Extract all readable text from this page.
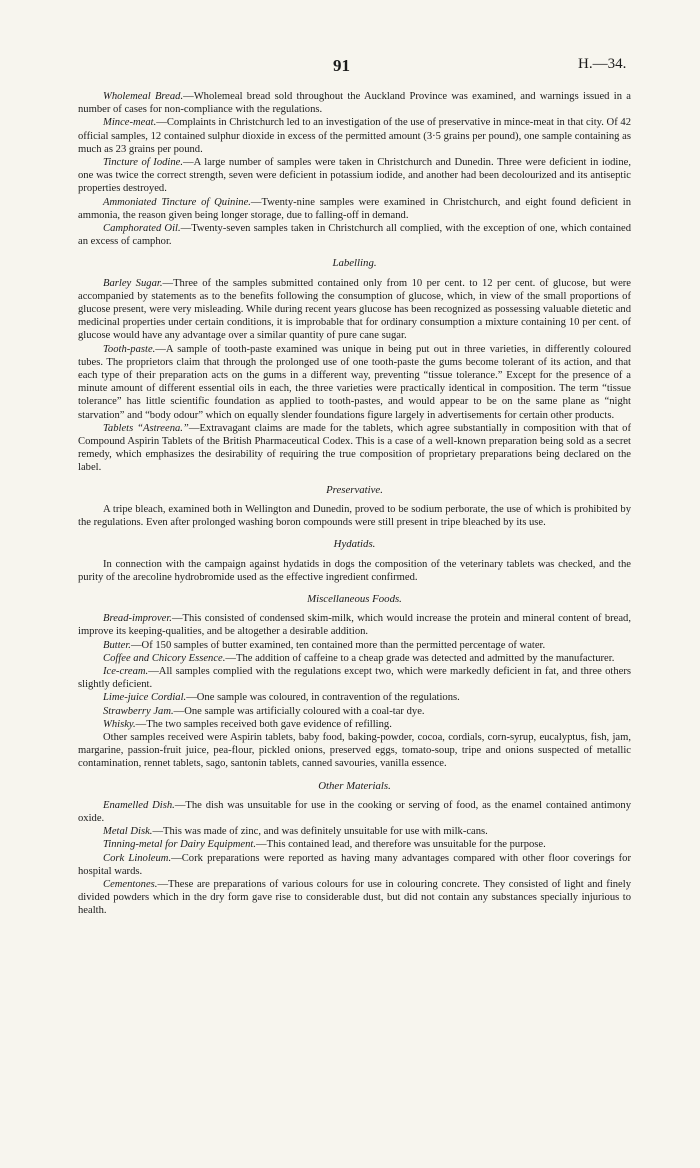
91	H.—34.

Wholemeal Bread.—Wholemeal bread sold throughout the Auckland Province was examined, and warnings issued in a number of cases for non-compliance with the regulations.

Mince-meat.—Complaints in Christchurch led to an investigation of the use of preservative in mince-meat in that city. Of 42 official samples, 12 contained sulphur dioxide in excess of the permitted amount (3·5 grains per pound), one sample containing as much as 23 grains per pound.

Tincture of Iodine.—A large number of samples were taken in Christchurch and Dunedin. Three were deficient in iodine, one was twice the correct strength, seven were deficient in potassium iodide, and another had been decolourized and its antiseptic properties destroyed.

Ammoniated Tincture of Quinine.—Twenty-nine samples were examined in Christchurch, and eight found deficient in ammonia, the reason given being longer storage, due to falling-off in demand.

Camphorated Oil.—Twenty-seven samples taken in Christchurch all complied, with the exception of one, which contained an excess of camphor.

Labelling.

Barley Sugar.—Three of the samples submitted contained only from 10 per cent. to 12 per cent. of glucose, but were accompanied by statements as to the benefits following the consumption of glucose, which, in view of the small proportions of glucose present, were very misleading. While during recent years glucose has been recognized as possessing valuable dietetic and medicinal properties under certain conditions, it is improbable that for ordinary consumption a mixture containing 10 per cent. of glucose would have any advantage over a similar quantity of pure cane sugar.

Tooth-paste.—A sample of tooth-paste examined was unique in being put out in three varieties, in differently coloured tubes. The proprietors claim that through the prolonged use of one tooth-paste the gums become tolerant of its action, and that each type of their preparation acts on the gums in a different way, preventing “tissue tolerance.” Except for the presence of a minute amount of different essential oils in each, the three varieties were practically identical in composition. The term “tissue tolerance” has little scientific foundation as applied to tooth-pastes, and would appear to be on the same plane as “night starvation” and “body odour” which on equally slender foundations figure largely in advertisements for certain other products.

Tablets “Astreena.”—Extravagant claims are made for the tablets, which agree substantially in composition with that of Compound Aspirin Tablets of the British Pharmaceutical Codex. This is a case of a well-known preparation being sold as a secret remedy, which emphasizes the desirability of requiring the true composition of proprietary preparations being declared on the label.

Preservative.

A tripe bleach, examined both in Wellington and Dunedin, proved to be sodium perborate, the use of which is prohibited by the regulations. Even after prolonged washing boron compounds were still present in tripe bleached by its use.

Hydatids.

In connection with the campaign against hydatids in dogs the composition of the veterinary tablets was checked, and the purity of the arecoline hydrobromide used as the effective ingredient confirmed.

Miscellaneous Foods.

Bread-improver.—This consisted of condensed skim-milk, which would increase the protein and mineral content of bread, improve its keeping-qualities, and be altogether a desirable addition.

Butter.—Of 150 samples of butter examined, ten contained more than the permitted percentage of water.

Coffee and Chicory Essence.—The addition of caffeine to a cheap grade was detected and admitted by the manufacturer.

Ice-cream.—All samples complied with the regulations except two, which were markedly deficient in fat, and three others slightly deficient.

Lime-juice Cordial.—One sample was coloured, in contravention of the regulations.

Strawberry Jam.—One sample was artificially coloured with a coal-tar dye.

Whisky.—The two samples received both gave evidence of refilling.

Other samples received were Aspirin tablets, baby food, baking-powder, cocoa, cordials, corn-syrup, eucalyptus, fish, jam, margarine, passion-fruit juice, pea-flour, pickled onions, preserved eggs, tomato-soup, tripe and onions suspected of metallic contamination, rennet tablets, sago, santonin tablets, canned savouries, vanilla essence.

Other Materials.

Enamelled Dish.—The dish was unsuitable for use in the cooking or serving of food, as the enamel contained antimony oxide.

Metal Disk.—This was made of zinc, and was definitely unsuitable for use with milk-cans.

Tinning-metal for Dairy Equipment.—This contained lead, and therefore was unsuitable for the purpose.

Cork Linoleum.—Cork preparations were reported as having many advantages compared with other floor coverings for hospital wards.

Cementones.—These are preparations of various colours for use in colouring concrete. They consisted of light and finely divided powders which in the dry form gave rise to considerable dust, but did not contain any substances specially injurious to health.
